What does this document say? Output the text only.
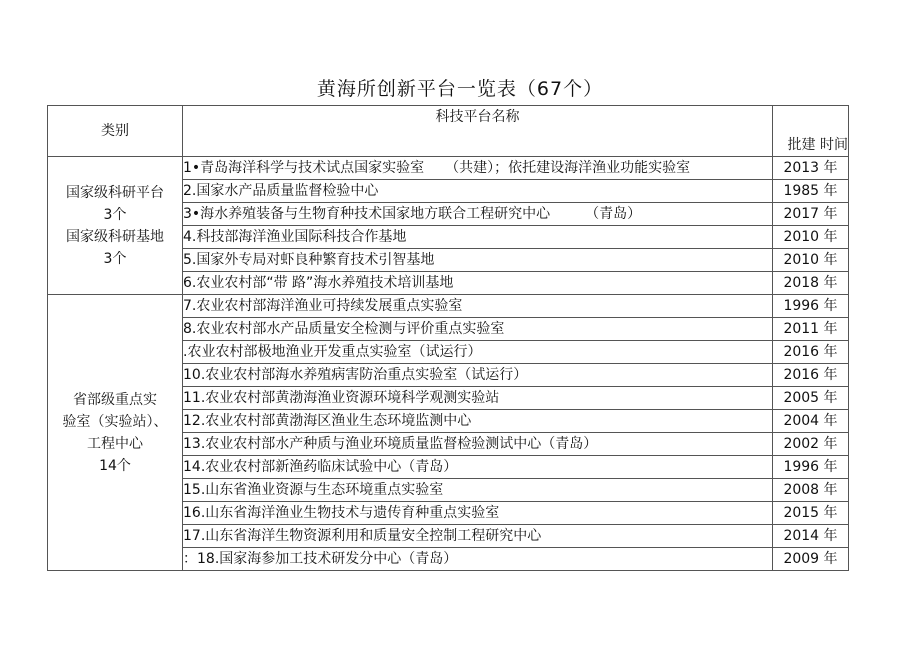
黄海所创新平台一览表（67个）
类别	科技平台名称	批建 时间

国家级科研平台
3个
国家级科研基地
3个	1•青岛海洋科学与技术试点国家实验室　　（共建）；依托建设海洋渔业功能实验室	2013 年
	2.国家水产品质量监督检验中心	1985 年
	3•海水养殖装备与生物育种技术国家地方联合工程研究中心　　　（青岛）	2017 年
	4.科技部海洋渔业国际科技合作基地	2010 年
	5.国家外专局对虾良种繁育技术引智基地	2010 年
	6.农业农村部“带 路”海水养殖技术培训基地	2018 年

省部级重点实
验室（实验站）、
工程中心
14个	7.农业农村部海洋渔业可持续发展重点实验室	1996 年
	8.农业农村部水产品质量安全检测与评价重点实验室	2011 年
	.农业农村部极地渔业开发重点实验室（试运行）	2016 年
	10.农业农村部海水养殖病害防治重点实验室（试运行）	2016 年
	11.农业农村部黄渤海渔业资源环境科学观测实验站	2005 年
	12.农业农村部黄渤海区渔业生态环境监测中心	2004 年
	13.农业农村部水产种质与渔业环境质量监督检验测试中心（青岛）	2002 年
	14.农业农村部新渔药临床试验中心（青岛）	1996 年
	15.山东省渔业资源与生态环境重点实验室	2008 年
	16.山东省海洋渔业生物技术与遗传育种重点实验室	2015 年
	17.山东省海洋生物资源利用和质量安全控制工程研究中心	2014 年
	：18.国家海参加工技术研发分中心（青岛）	2009 年
